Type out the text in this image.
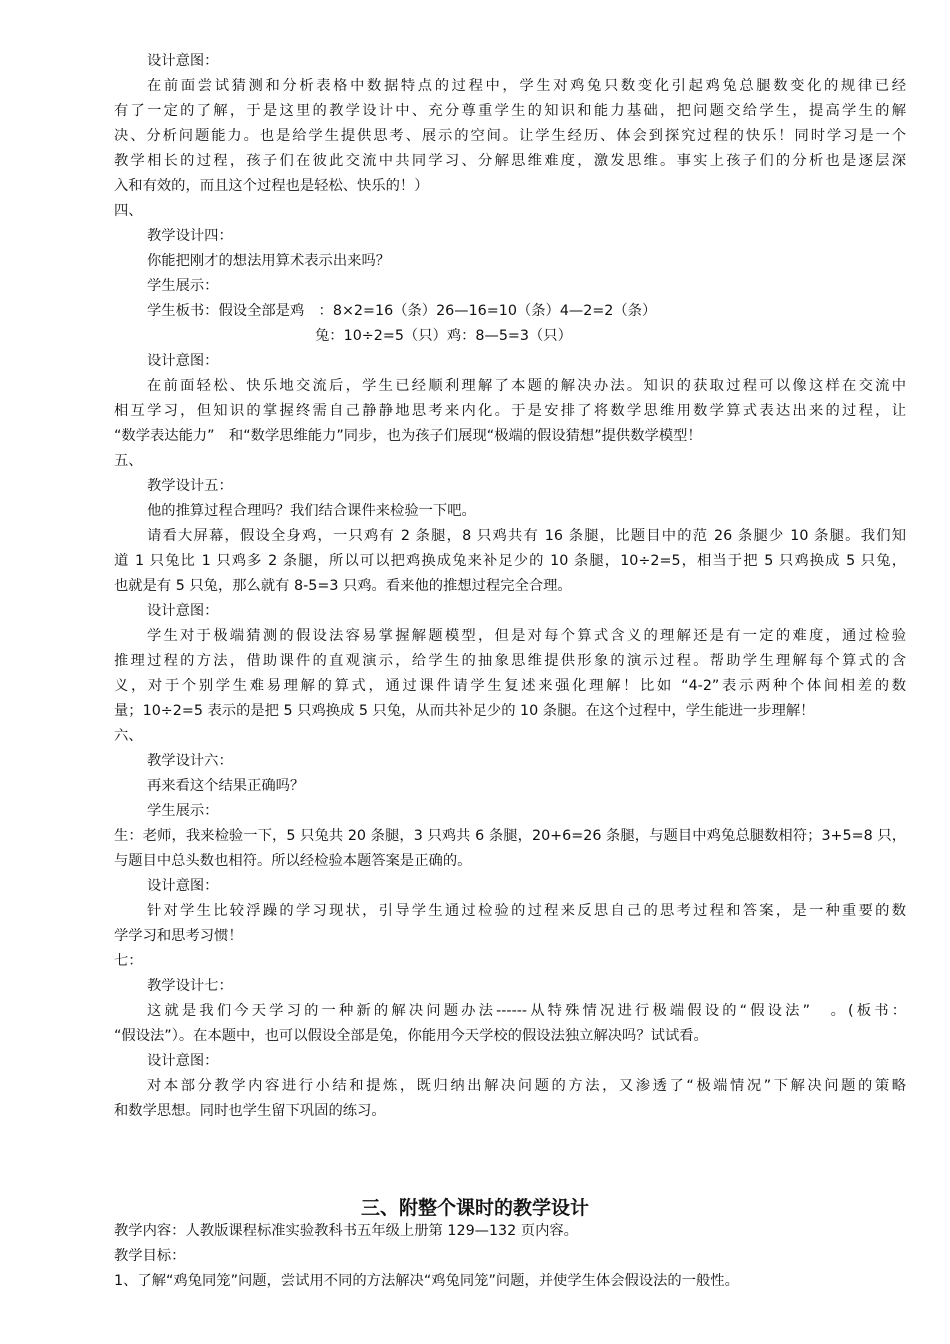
设计意图：
在前面尝试猜测和分析表格中数据特点的过程中，学生对鸡兔只数变化引起鸡兔总腿数变化的规律已经
有了一定的了解，于是这里的教学设计中、充分尊重学生的知识和能力基础，把问题交给学生，提高学生的解
决、分析问题能力。也是给学生提供思考、展示的空间。让学生经历、体会到探究过程的快乐！同时学习是一个
教学相长的过程，孩子们在彼此交流中共同学习、分解思维难度，激发思维。事实上孩子们的分析也是逐层深
入和有效的，而且这个过程也是轻松、快乐的！）
四、
教学设计四：
你能把刚才的想法用算术表示出来吗？
学生展示：
学生板书：假设全部是鸡　：8×2=16（条）26—16=10（条）4—2=2（条）
兔：10÷2=5（只）鸡：8—5=3（只）
设计意图：
在前面轻松、快乐地交流后，学生已经顺利理解了本题的解决办法。知识的获取过程可以像这样在交流中
相互学习，但知识的掌握终需自己静静地思考来内化。于是安排了将数学思维用数学算式表达出来的过程，让
“数学表达能力”　和“数学思维能力”同步，也为孩子们展现“极端的假设猜想”提供数学模型！
五、
教学设计五：
他的推算过程合理吗？我们结合课件来检验一下吧。
请看大屏幕，假设全身鸡，一只鸡有 2 条腿，8 只鸡共有 16 条腿，比题目中的范 26 条腿少 10 条腿。我们知
道 1 只兔比 1 只鸡多 2 条腿，所以可以把鸡换成兔来补足少的 10 条腿，10÷2=5，相当于把 5 只鸡换成 5 只兔，
也就是有 5 只兔，那么就有 8-5=3 只鸡。看来他的推想过程完全合理。
设计意图：
学生对于极端猜测的假设法容易掌握解题模型，但是对每个算式含义的理解还是有一定的难度，通过检验
推理过程的方法，借助课件的直观演示，给学生的抽象思维提供形象的演示过程。帮助学生理解每个算式的含
义，对于个别学生难易理解的算式，通过课件请学生复述来强化理解！比如 “4-2”表示两种个体间相差的数
量；10÷2=5 表示的是把 5 只鸡换成 5 只兔，从而共补足少的 10 条腿。在这个过程中，学生能进一步理解！
六、
教学设计六：
再来看这个结果正确吗？
学生展示：
生：老师，我来检验一下，5 只兔共 20 条腿，3 只鸡共 6 条腿，20+6=26 条腿，与题目中鸡兔总腿数相符；3+5=8 只，
与题目中总头数也相符。所以经检验本题答案是正确的。
设计意图：
针对学生比较浮躁的学习现状，引导学生通过检验的过程来反思自己的思考过程和答案，是一种重要的数
学学习和思考习惯！
七：
教学设计七：
这就是我们今天学习的一种新的解决问题办法------从特殊情况进行极端假设的“假设法”　。(板书：
“假设法”）。在本题中，也可以假设全部是兔，你能用今天学校的假设法独立解决吗？试试看。
设计意图：
对本部分教学内容进行小结和提炼，既归纳出解决问题的方法，又渗透了“极端情况”下解决问题的策略
和数学思想。同时也学生留下巩固的练习。
三、附整个课时的教学设计
教学内容：人教版课程标准实验教科书五年级上册第 129—132 页内容。
教学目标：
1、了解“鸡兔同笼”问题，尝试用不同的方法解决“鸡兔同笼”问题，并使学生体会假设法的一般性。
